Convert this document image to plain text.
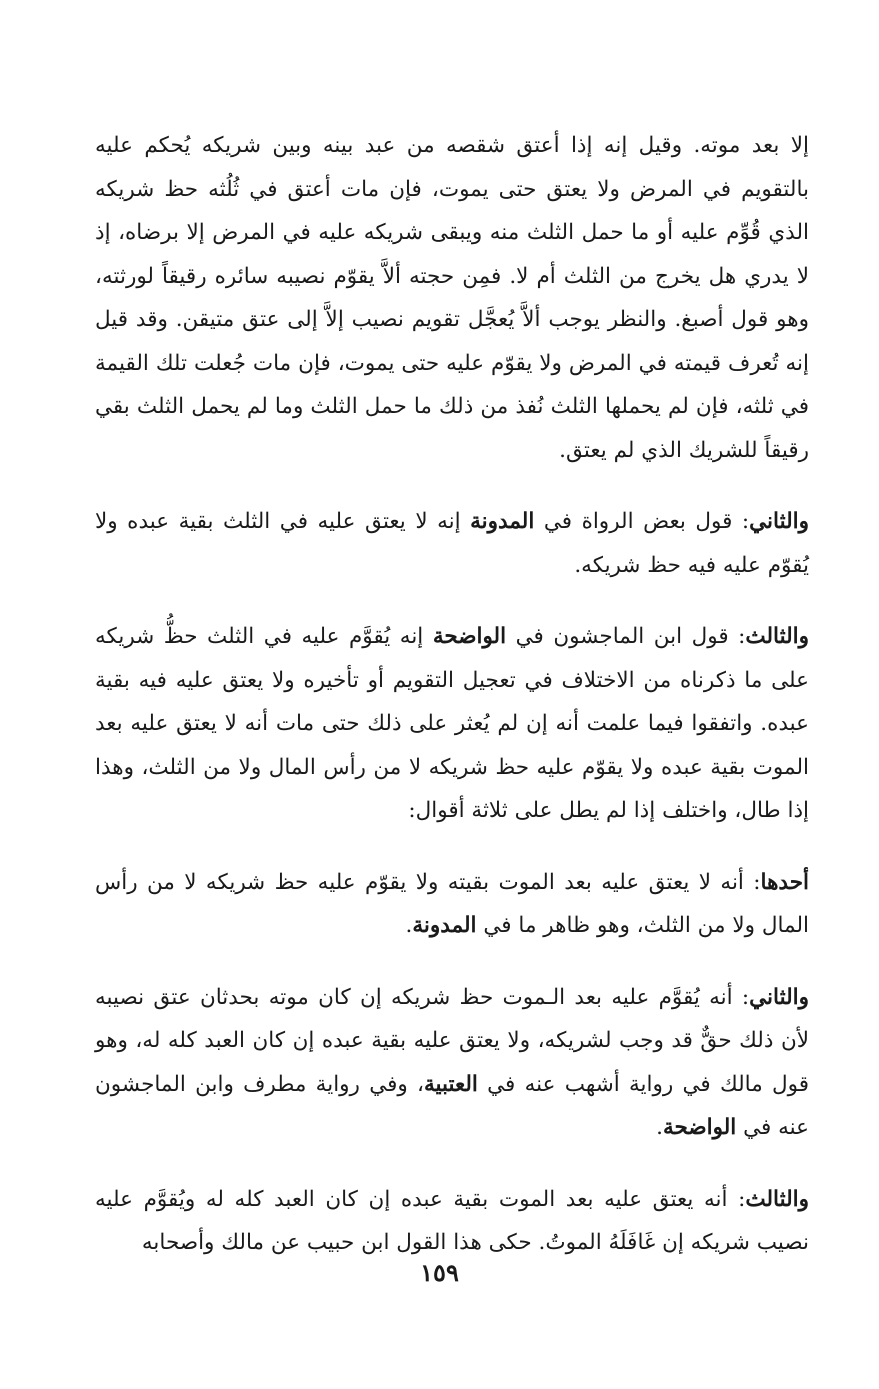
إلا بعد موته. وقيل إنه إذا أعتق شقصه من عبد بينه وبين شريكه يُحكم عليه بالتقويم في المرض ولا يعتق حتى يموت، فإن مات أعتق في ثُلُثه حظ شريكه الذي قُوِّم عليه أو ما حمل الثلث منه ويبقى شريكه عليه في المرض إلا برضاه، إذ لا يدري هل يخرج من الثلث أم لا. فمِن حجته ألاَّ يقوّم نصيبه سائره رقيقاً لورثته، وهو قول أصبغ. والنظر يوجب ألاَّ يُعجَّل تقويم نصيب إلاَّ إلى عتق متيقن. وقد قيل إنه تُعرف قيمته في المرض ولا يقوّم عليه حتى يموت، فإن مات جُعلت تلك القيمة في ثلثه، فإن لم يحملها الثلث نُفذ من ذلك ما حمل الثلث وما لم يحمل الثلث بقي رقيقاً للشريك الذي لم يعتق.

والثاني: قول بعض الرواة في المدونة إنه لا يعتق عليه في الثلث بقية عبده ولا يُقوّم عليه فيه حظ شريكه.

والثالث: قول ابن الماجشون في الواضحة إنه يُقوَّم عليه في الثلث حظُّ شريكه على ما ذكرناه من الاختلاف في تعجيل التقويم أو تأخيره ولا يعتق عليه فيه بقية عبده. واتفقوا فيما علمت أنه إن لم يُعثر على ذلك حتى مات أنه لا يعتق عليه بعد الموت بقية عبده ولا يقوّم عليه حظ شريكه لا من رأس المال ولا من الثلث، وهذا إذا طال، واختلف إذا لم يطل على ثلاثة أقوال:

أحدها: أنه لا يعتق عليه بعد الموت بقيته ولا يقوّم عليه حظ شريكه لا من رأس المال ولا من الثلث، وهو ظاهر ما في المدونة.

والثاني: أنه يُقوَّم عليه بعد الـموت حظ شريكه إن كان موته بحدثان عتق نصيبه لأن ذلك حقٌّ قد وجب لشريكه، ولا يعتق عليه بقية عبده إن كان العبد كله له، وهو قول مالك في رواية أشهب عنه في العتبية، وفي رواية مطرف وابن الماجشون عنه في الواضحة.

والثالث: أنه يعتق عليه بعد الموت بقية عبده إن كان العبد كله له ويُقوَّم عليه نصيب شريكه إن غَافَلَهُ الموتُ. حكى هذا القول ابن حبيب عن مالك وأصحابه

١٥٩
